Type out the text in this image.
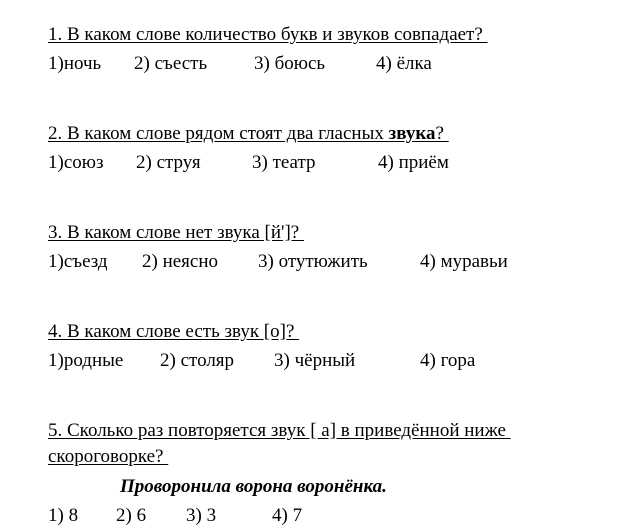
1. В каком слове количество букв и звуков совпадает?
1)ночь	2) съесть	3) боюсь	4) ёлка
2. В каком слове рядом стоят два гласных звука?
1)союз	2) струя	3) театр	4) приём
3. В каком слове нет звука [й']?
1)съезд	2) неясно	3) отутюжить	4) муравьи
4. В каком слове есть звук [о]?
1)родные	2) столяр	3) чёрный	4) гора
5. Сколько раз повторяется звук [ а] в приведённой ниже скороговорке?
Проворонила ворона воронёнка.
1) 8	2) 6	3) 3	4) 7
